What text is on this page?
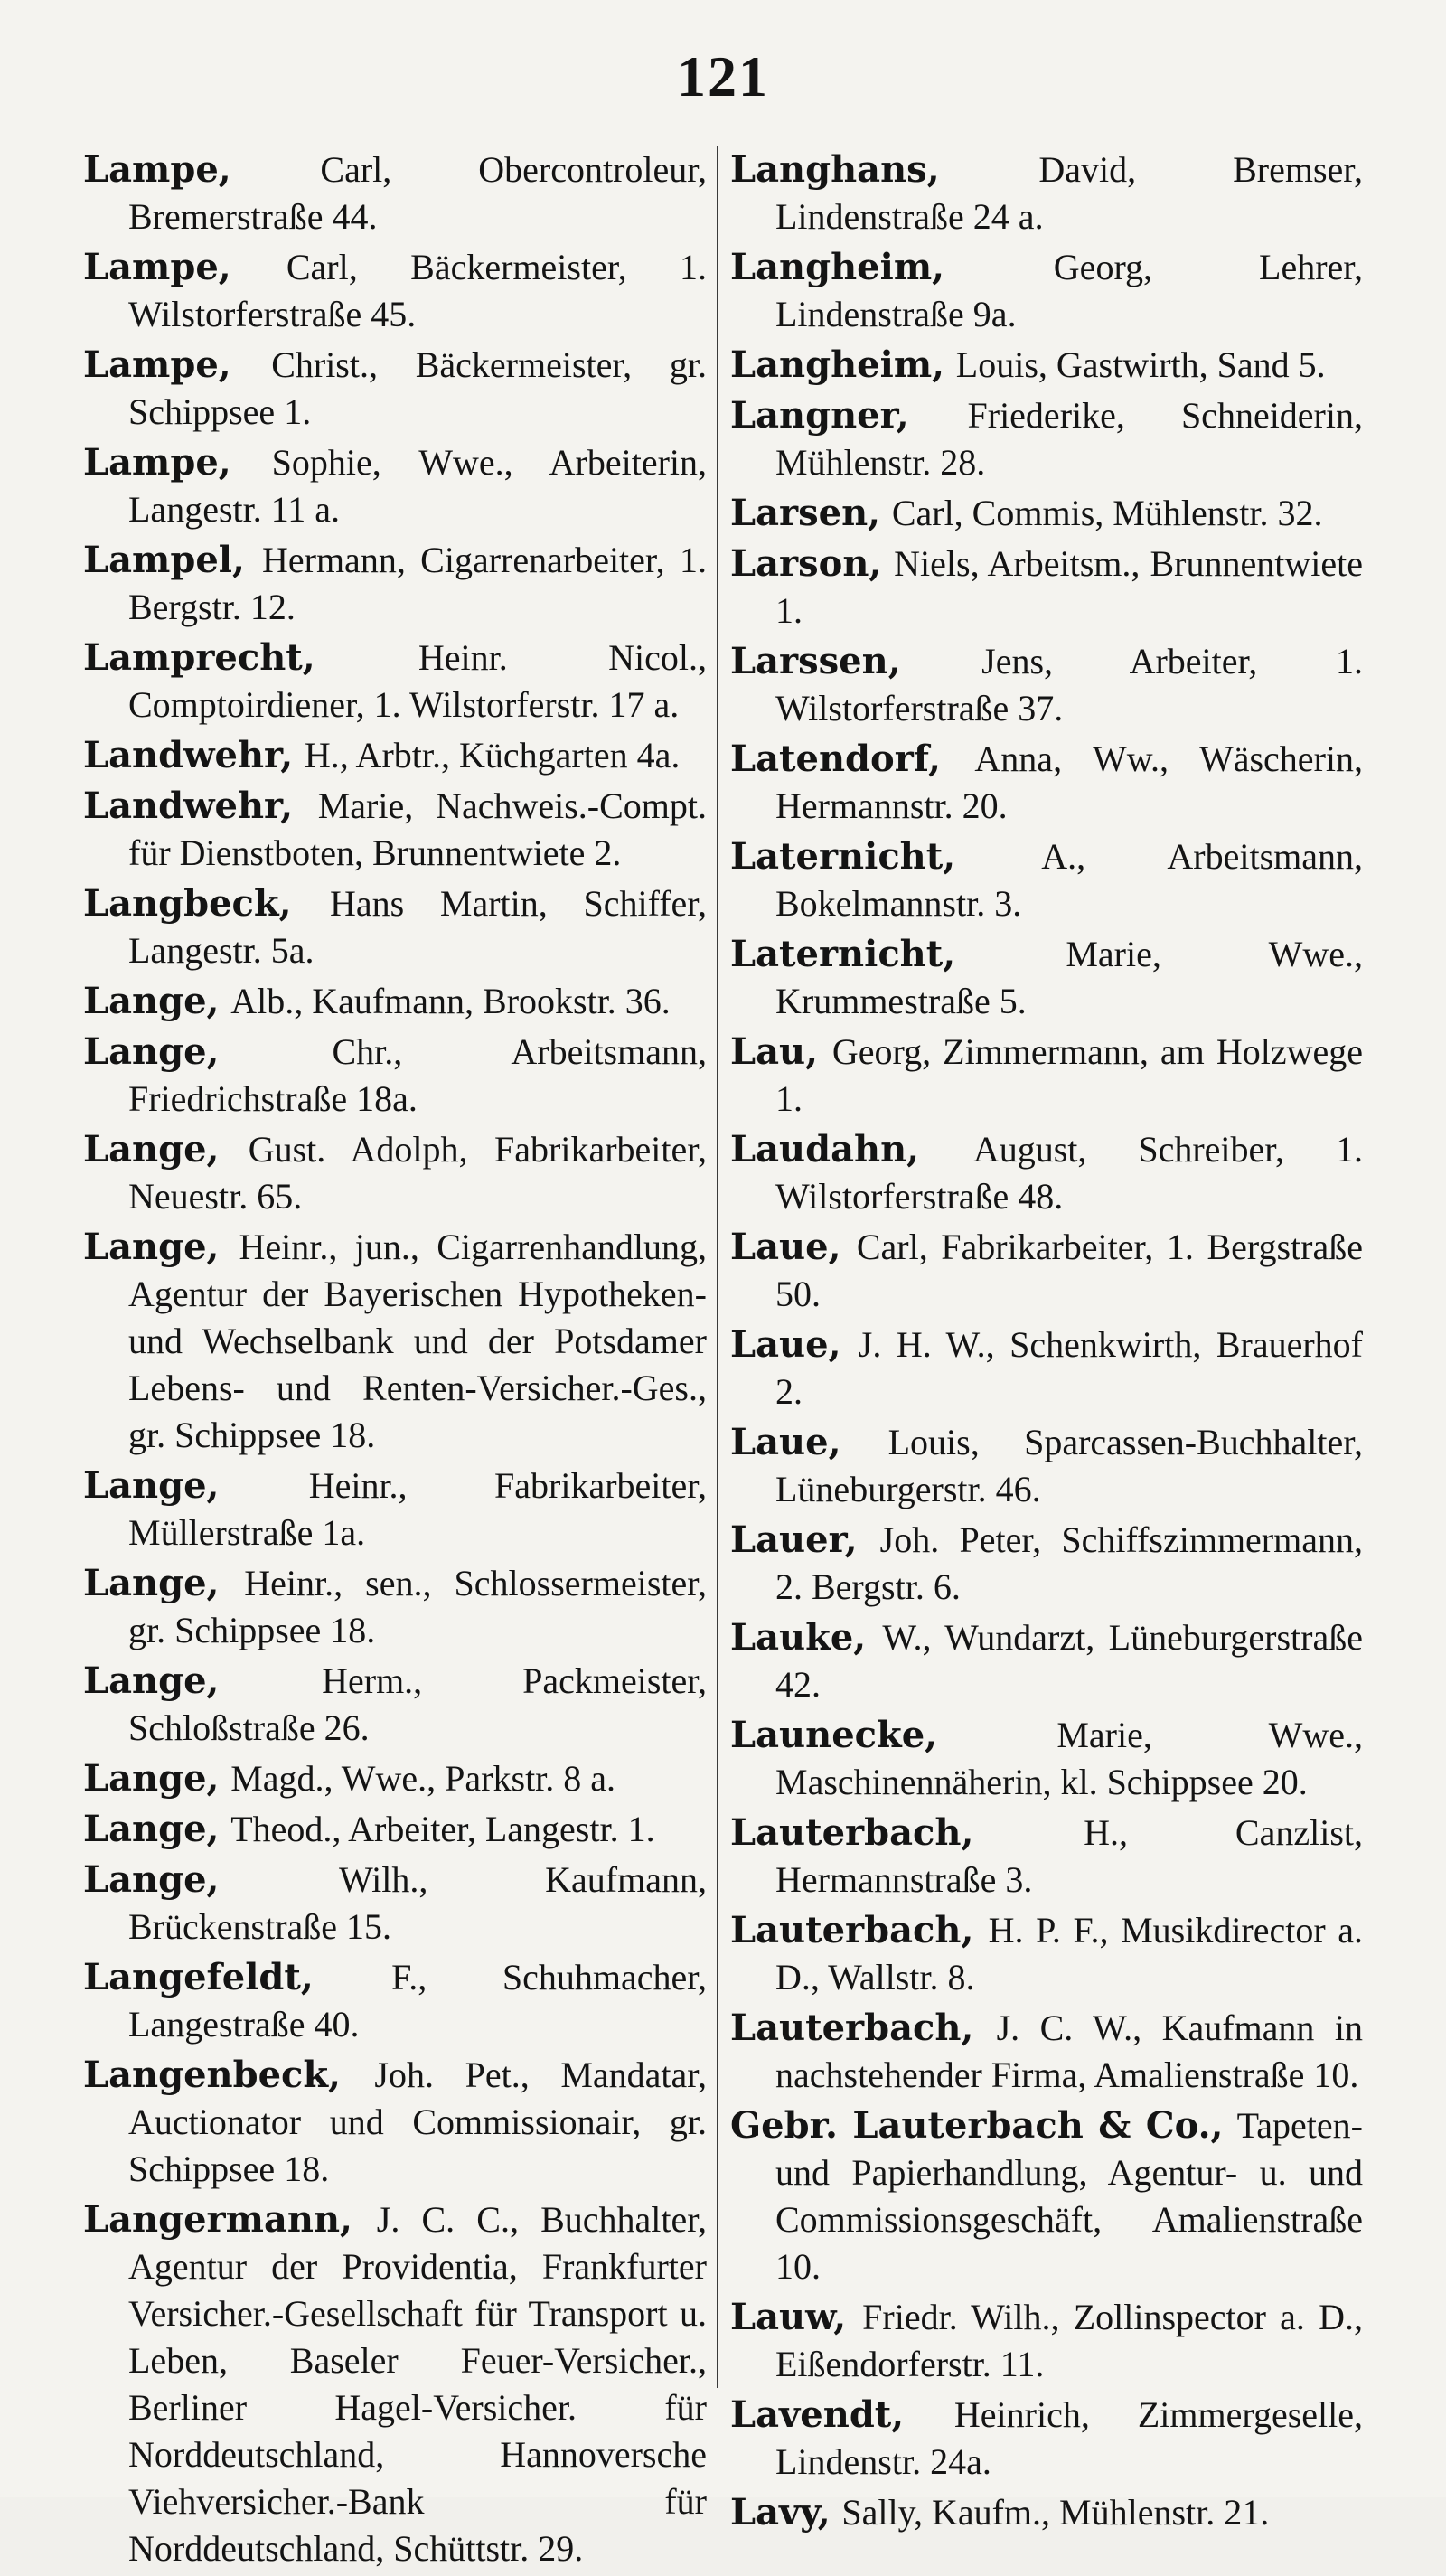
121

Lampe, Carl, Obercontroleur, Bremerstraße 44.

Lampe, Carl, Bäckermeister, 1. Wilstorferstraße 45.

Lampe, Christ., Bäckermeister, gr. Schippsee 1.

Lampe, Sophie, Wwe., Arbeiterin, Langestr. 11 a.

Lampel, Hermann, Cigarrenarbeiter, 1. Bergstr. 12.

Lamprecht,	Heinr. Nicol., Comptoirdiener, 1. Wilstorferstr. 17 a.

Landwehr, H., Arbtr., Küchgarten 4a.

Landwehr, Marie, Nachweis.-Compt. für Dienstboten, Brunnentwiete 2.

Langbeck, Hans Martin, Schiffer, Langestr. 5a.

Lange, Alb., Kaufmann, Brookstr. 36.

Lange,	Chr., Arbeitsmann, Friedrichstraße 18a.

Lange, Gust. Adolph, Fabrikarbeiter, Neuestr. 65.

Lange, Heinr., jun., Cigarrenhandlung, Agentur der Bayerischen Hypotheken- und Wechselbank und der Potsdamer Lebens- und Renten-Versicher.-Ges., gr. Schippsee 18.

Lange, Heinr., Fabrikarbeiter, Müllerstraße 1a.

Lange, Heinr., sen., Schlossermeister, gr. Schippsee 18.

Lange,	Herm., Packmeister, Schloßstraße 26.

Lange, Magd., Wwe., Parkstr. 8 a.

Lange, Theod., Arbeiter, Langestr. 1.

Lange,	Wilh., Kaufmann, Brückenstraße 15.

Langefeldt, F., Schuhmacher, Langestraße 40.

Langenbeck, Joh. Pet., Mandatar, Auctionator und Commissionair, gr. Schippsee 18.

Langermann, J. C. C., Buchhalter, Agentur der Providentia, Frankfurter Versicher.-Gesellschaft für Transport u. Leben, Baseler Feuer-Versicher., Berliner Hagel-Versicher. für Norddeutschland, Hannoversche Viehversicher.-Bank für Norddeutschland, Schüttstr. 29.

Langhans,	David, Bremser, Lindenstraße 24 a.

Langheim,	Georg, Lehrer, Lindenstraße 9a.

Langheim, Louis, Gastwirth, Sand 5.

Langner, Friederike, Schneiderin, Mühlenstr. 28.

Larsen, Carl, Commis, Mühlenstr. 32.

Larson, Niels, Arbeitsm., Brunnentwiete 1.

Larssen, Jens, Arbeiter, 1. Wilstorferstraße 37.

Latendorf, Anna, Ww., Wäscherin, Hermannstr. 20.

Laternicht, A., Arbeitsmann, Bokelmannstr. 3.

Laternicht,	Marie, Wwe., Krummestraße 5.

Lau, Georg, Zimmermann, am Holzwege 1.

Laudahn, August, Schreiber, 1. Wilstorferstraße 48.

Laue, Carl, Fabrikarbeiter, 1. Bergstraße 50.

Laue, J. H. W., Schenkwirth, Brauerhof 2.

Laue, Louis, Sparcassen-Buchhalter, Lüneburgerstr. 46.

Lauer, Joh. Peter, Schiffszimmermann, 2. Bergstr. 6.

Lauke, W., Wundarzt, Lüneburgerstraße 42.

Launecke,	Marie, Wwe., Maschinennäherin, kl. Schippsee 20.

Lauterbach,	H., Canzlist, Hermannstraße 3.

Lauterbach, H. P. F., Musikdirector a. D., Wallstr. 8.

Lauterbach, J. C. W., Kaufmann in nachstehender Firma, Amalienstraße 10.

Gebr. Lauterbach & Co., Tapeten- und Papierhandlung, Agentur- u. und Commissionsgeschäft, Amalienstraße 10.

Lauw, Friedr. Wilh., Zollinspector a. D., Eißendorferstr. 11.

Lavendt, Heinrich, Zimmergeselle, Lindenstr. 24a.

Lavy, Sally, Kaufm., Mühlenstr. 21.
